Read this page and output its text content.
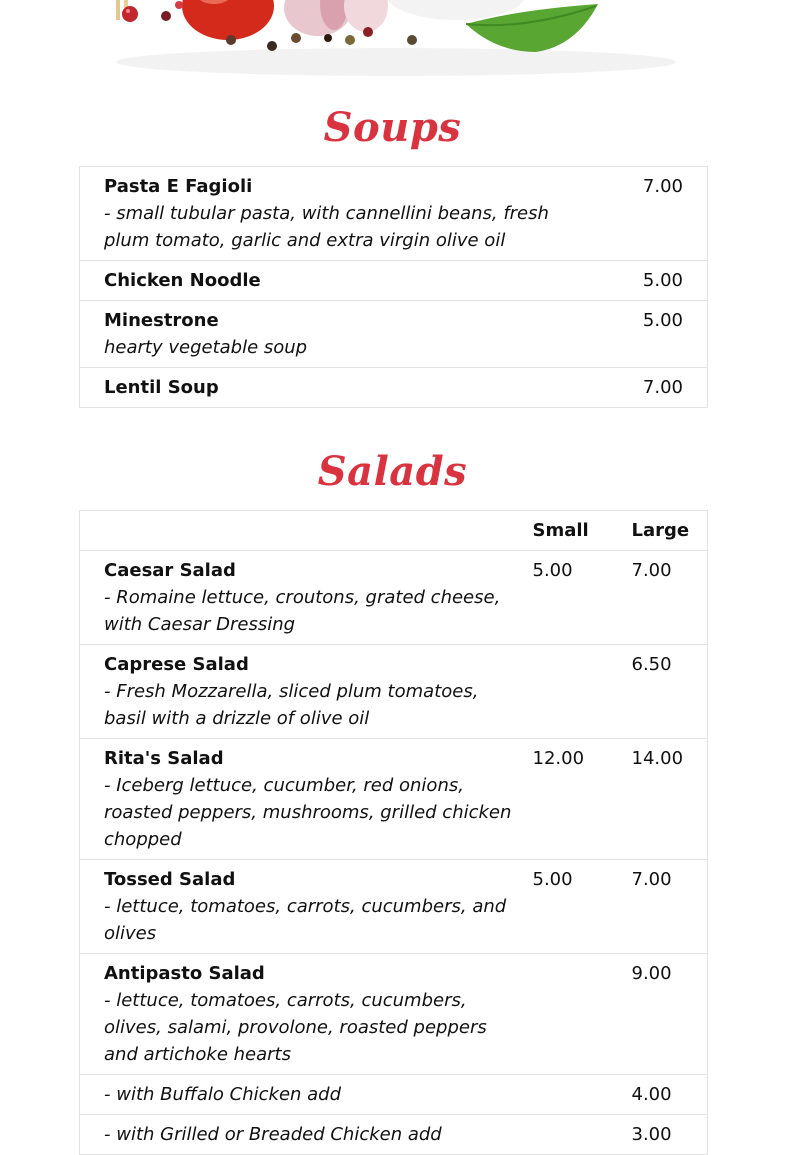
Soups
Pasta E Fagioli
- small tubular pasta, with cannellini beans, fresh plum tomato, garlic and extra virgin olive oil	7.00

Chicken Noodle	5.00

Minestrone
hearty vegetable soup	5.00

Lentil Soup	7.00
Salads
	Small	Large

Caesar Salad
- Romaine lettuce, croutons, grated cheese, with Caesar Dressing	5.00	7.00

Caprese Salad
- Fresh Mozzarella, sliced plum tomatoes, basil with a drizzle of olive oil		6.50

Rita's Salad
- Iceberg lettuce, cucumber, red onions, roasted peppers, mushrooms, grilled chicken chopped	12.00	14.00

Tossed Salad
- lettuce, tomatoes, carrots, cucumbers, and olives	5.00	7.00

Antipasto Salad
- lettuce, tomatoes, carrots, cucumbers, olives, salami, provolone, roasted peppers and artichoke hearts		9.00

- with Buffalo Chicken add		4.00

- with Grilled or Breaded Chicken add		3.00
